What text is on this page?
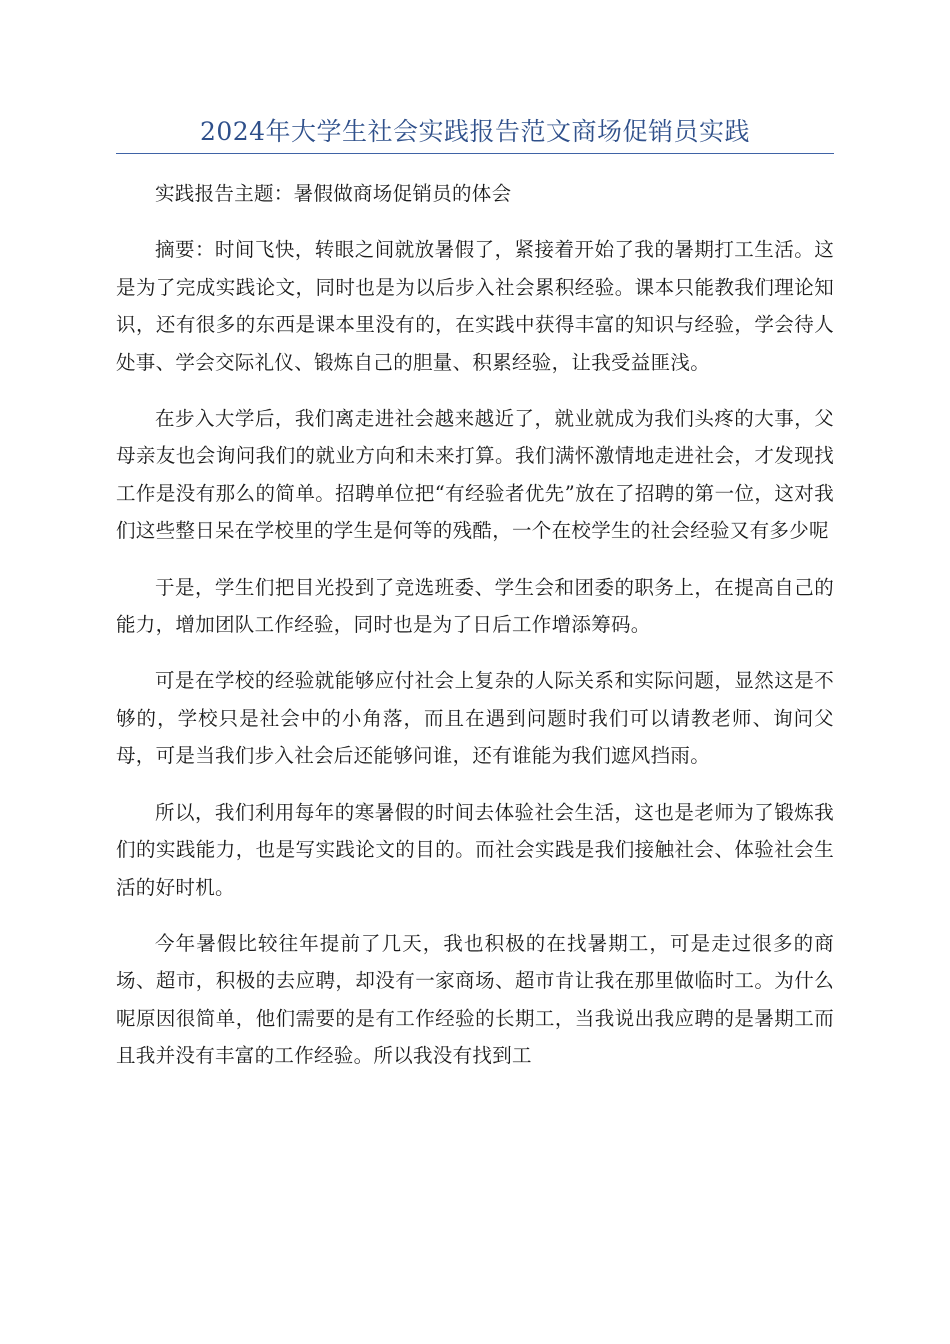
2024年大学生社会实践报告范文商场促销员实践

实践报告主题：暑假做商场促销员的体会

摘要：时间飞快，转眼之间就放暑假了，紧接着开始了我的暑期打工生活。这是为了完成实践论文，同时也是为以后步入社会累积经验。课本只能教我们理论知识，还有很多的东西是课本里没有的，在实践中获得丰富的知识与经验，学会待人处事、学会交际礼仪、锻炼自己的胆量、积累经验，让我受益匪浅。

在步入大学后，我们离走进社会越来越近了，就业就成为我们头疼的大事，父母亲友也会询问我们的就业方向和未来打算。我们满怀激情地走进社会，才发现找工作是没有那么的简单。招聘单位把“有经验者优先”放在了招聘的第一位，这对我们这些整日呆在学校里的学生是何等的残酷，一个在校学生的社会经验又有多少呢

于是，学生们把目光投到了竞选班委、学生会和团委的职务上，在提高自己的能力，增加团队工作经验，同时也是为了日后工作增添筹码。

可是在学校的经验就能够应付社会上复杂的人际关系和实际问题，显然这是不够的，学校只是社会中的小角落，而且在遇到问题时我们可以请教老师、询问父母，可是当我们步入社会后还能够问谁，还有谁能为我们遮风挡雨。

所以，我们利用每年的寒暑假的时间去体验社会生活，这也是老师为了锻炼我们的实践能力，也是写实践论文的目的。而社会实践是我们接触社会、体验社会生活的好时机。

今年暑假比较往年提前了几天，我也积极的在找暑期工，可是走过很多的商场、超市，积极的去应聘，却没有一家商场、超市肯让我在那里做临时工。为什么呢原因很简单，他们需要的是有工作经验的长期工，当我说出我应聘的是暑期工而且我并没有丰富的工作经验。所以我没有找到工
